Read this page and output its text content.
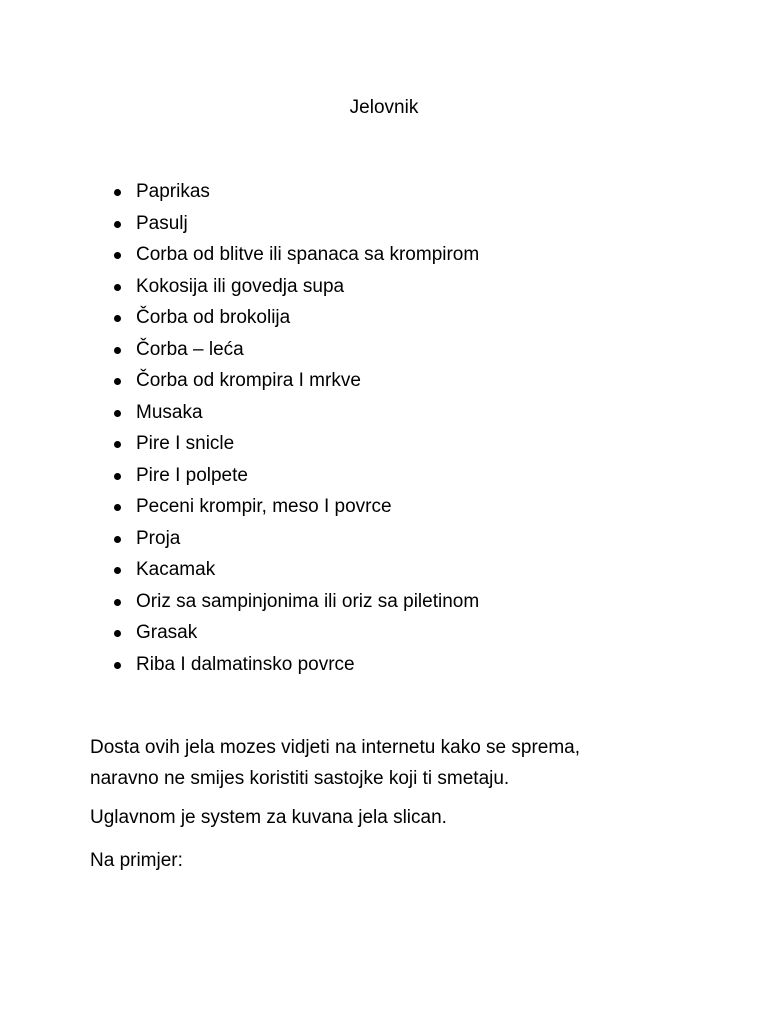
Jelovnik
Paprikas
Pasulj
Corba od blitve ili spanaca sa krompirom
Kokosija ili govedja supa
Čorba od brokolija
Čorba – leća
Čorba od krompira I mrkve
Musaka
Pire I snicle
Pire I polpete
Peceni krompir, meso I povrce
Proja
Kacamak
Oriz sa sampinjonima ili oriz sa piletinom
Grasak
Riba I dalmatinsko povrce

Dosta ovih jela mozes vidjeti na internetu kako se sprema,
naravno ne smijes koristiti sastojke koji ti smetaju.

Uglavnom je system za kuvana jela slican.

Na primjer:
